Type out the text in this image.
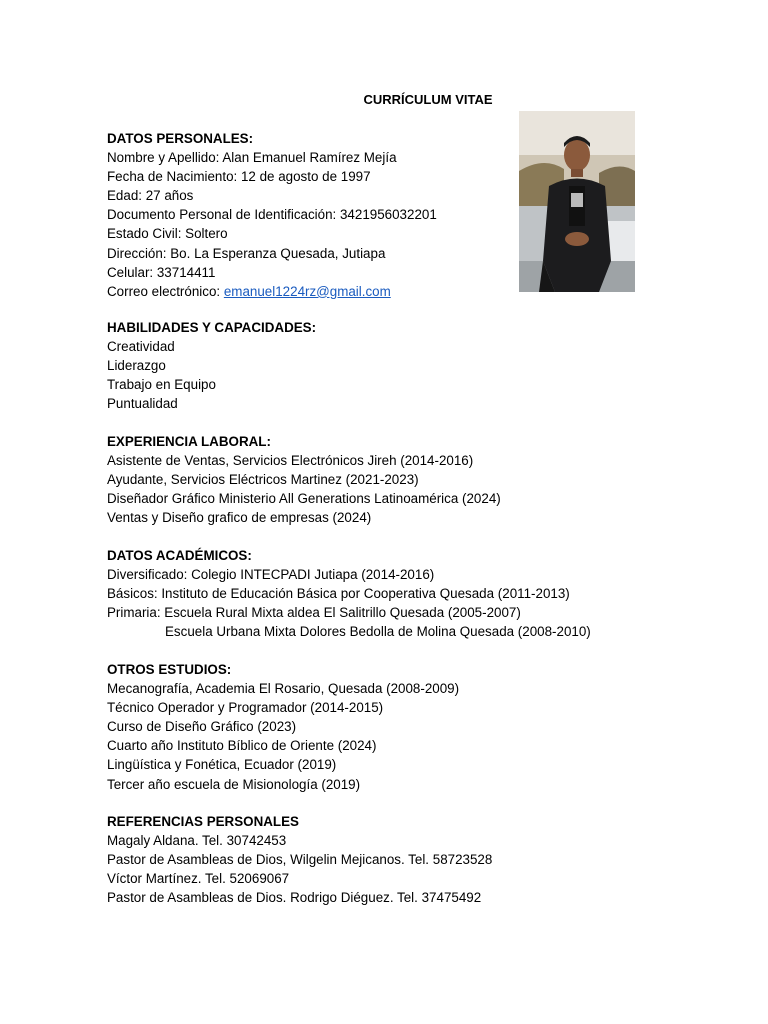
CURRÍCULUM VITAE
DATOS PERSONALES:
Nombre y Apellido: Alan Emanuel Ramírez Mejía
Fecha de Nacimiento: 12 de agosto de 1997
Edad: 27 años
Documento Personal de Identificación: 3421956032201
Estado Civil: Soltero
Dirección: Bo. La Esperanza Quesada, Jutiapa
Celular: 33714411
Correo electrónico: emanuel1224rz@gmail.com
HABILIDADES Y CAPACIDADES:
Creatividad
Liderazgo
Trabajo en Equipo
Puntualidad
EXPERIENCIA LABORAL:
Asistente de Ventas, Servicios Electrónicos Jireh (2014-2016)
Ayudante, Servicios Eléctricos Martinez (2021-2023)
Diseñador Gráfico Ministerio All Generations Latinoamérica (2024)
Ventas y Diseño grafico de empresas (2024)
DATOS ACADÉMICOS:
Diversificado: Colegio INTECPADI Jutiapa (2014-2016)
Básicos: Instituto de Educación Básica por Cooperativa Quesada (2011-2013)
Primaria: Escuela Rural Mixta aldea El Salitrillo Quesada (2005-2007)
Escuela Urbana Mixta Dolores Bedolla de Molina Quesada (2008-2010)
OTROS ESTUDIOS:
Mecanografía, Academia El Rosario, Quesada (2008-2009)
Técnico Operador y Programador (2014-2015)
Curso de Diseño Gráfico (2023)
Cuarto año Instituto Bíblico de Oriente (2024)
Lingüística y Fonética, Ecuador (2019)
Tercer año escuela de Misionología (2019)
REFERENCIAS PERSONALES
Magaly Aldana. Tel. 30742453
Pastor de Asambleas de Dios, Wilgelin Mejicanos. Tel. 58723528
Víctor Martínez. Tel. 52069067
Pastor de Asambleas de Dios. Rodrigo Diéguez. Tel. 37475492
